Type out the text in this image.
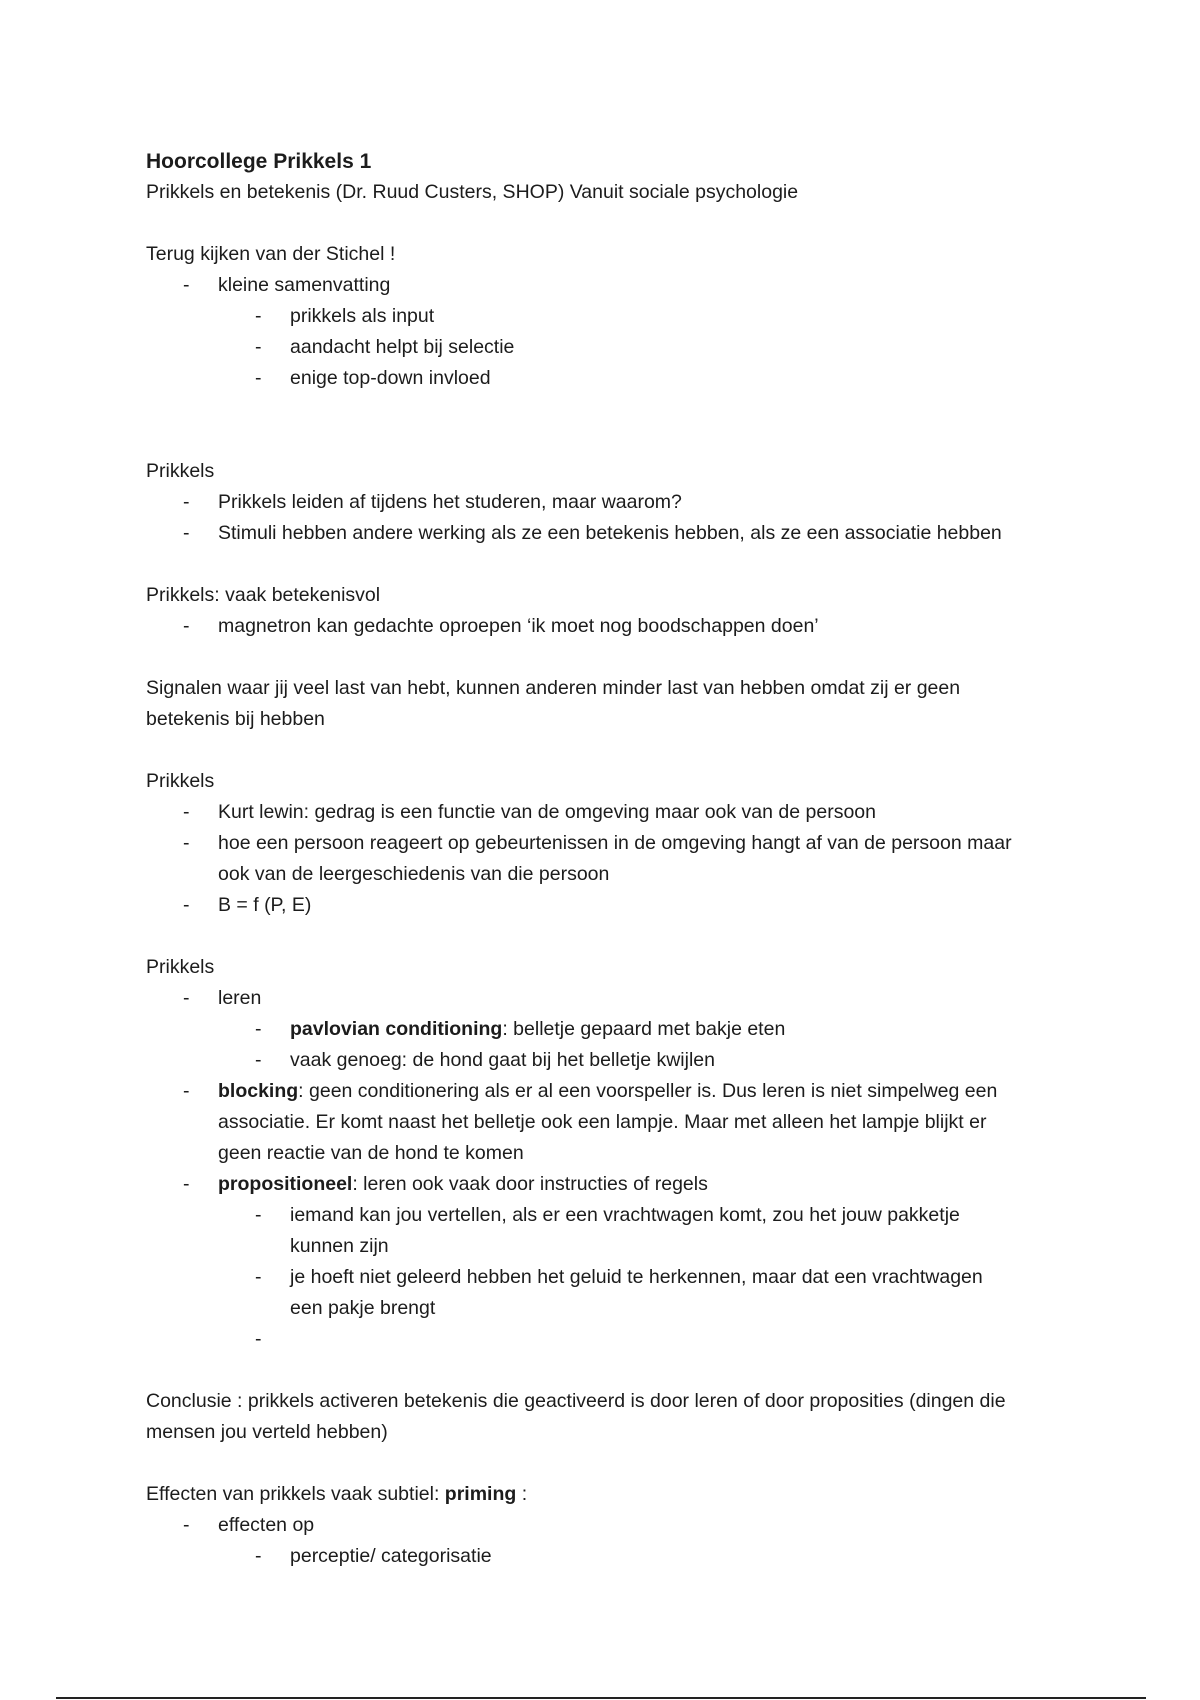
Hoorcollege Prikkels 1
Prikkels en betekenis (Dr. Ruud Custers, SHOP) Vanuit sociale psychologie
Terug kijken van der Stichel !
- kleine samenvatting
- prikkels als input
- aandacht helpt bij selectie
- enige top-down invloed
Prikkels
- Prikkels leiden af tijdens het studeren, maar waarom?
- Stimuli hebben andere werking als ze een betekenis hebben, als ze een associatie hebben
Prikkels: vaak betekenisvol
- magnetron kan gedachte oproepen ‘ik moet nog boodschappen doen’
Signalen waar jij veel last van hebt, kunnen anderen minder last van hebben omdat zij er geen
betekenis bij hebben
Prikkels
- Kurt lewin: gedrag is een functie van de omgeving maar ook van de persoon
- hoe een persoon reageert op gebeurtenissen in de omgeving hangt af van de persoon maar
ook van de leergeschiedenis van die persoon
- B = f (P, E)
Prikkels
- leren
- pavlovian conditioning: belletje gepaard met bakje eten
- vaak genoeg: de hond gaat bij het belletje kwijlen
- blocking: geen conditionering als er al een voorspeller is. Dus leren is niet simpelweg een
associatie. Er komt naast het belletje ook een lampje. Maar met alleen het lampje blijkt er
geen reactie van de hond te komen
- propositioneel: leren ook vaak door instructies of regels
- iemand kan jou vertellen, als er een vrachtwagen komt, zou het jouw pakketje
kunnen zijn
- je hoeft niet geleerd hebben het geluid te herkennen, maar dat een vrachtwagen
een pakje brengt
-

Conclusie : prikkels activeren betekenis die geactiveerd is door leren of door proposities (dingen die
mensen jou verteld hebben)
Effecten van prikkels vaak subtiel: priming :
- effecten op
- perceptie/ categorisatie
